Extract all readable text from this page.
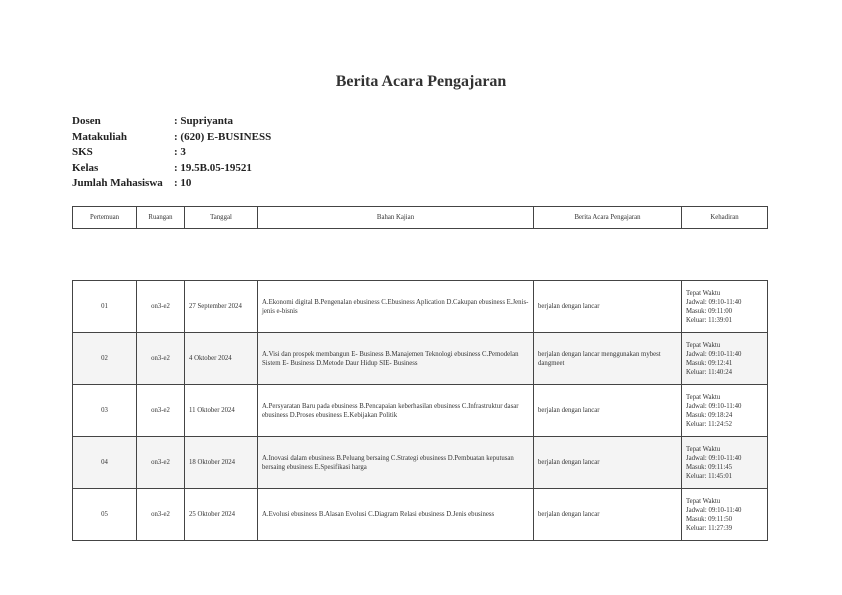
Berita Acara Pengajaran
Dosen	: Supriyanta
Matakuliah	: (620) E-BUSINESS
SKS	: 3
Kelas	: 19.5B.05-19521
Jumlah Mahasiswa	: 10
Pertemuan	Ruangan	Tanggal	Bahan Kajian	Berita Acara Pengajaran	Kehadiran

01	on3-e2	27 September 2024	A.Ekonomi digital B.Pengenalan ebusiness C.Ebusiness Aplication D.Cakupan ebusiness E.Jenis-jenis e-bisnis	berjalan dengan lancar	Tepat Waktu
Jadwal: 09:10-11:40
Masuk: 09:11:00
Keluar: 11:39:01

02	on3-e2	4 Oktober 2024	A.Visi dan prospek membangun E- Business B.Manajemen Teknologi ebusiness C.Pemodelan Sistem E- Business D.Metode Daur Hidup SIE- Business	berjalan dengan lancar menggunakan mybest dangmeet	Tepat Waktu
Jadwal: 09:10-11:40
Masuk: 09:12:41
Keluar: 11:40:24

03	on3-e2	11 Oktober 2024	A.Persyaratan Baru pada ebusiness B.Pencapaian keberhasilan ebusiness C.Infrastruktur dasar ebusiness D.Proses ebusiness E.Kebijakan Politik	berjalan dengan lancar	Tepat Waktu
Jadwal: 09:10-11:40
Masuk: 09:18:24
Keluar: 11:24:52

04	on3-e2	18 Oktober 2024	A.Inovasi dalam ebusiness B.Peluang bersaing C.Strategi ebusiness D.Pembuatan keputusan bersaing ebusiness E.Spesifikasi harga	berjalan dengan lancar	Tepat Waktu
Jadwal: 09:10-11:40
Masuk: 09:11:45
Keluar: 11:45:01

05	on3-e2	25 Oktober 2024	A.Evolusi ebusiness B.Alasan Evolusi C.Diagram Relasi ebusiness D.Jenis ebusiness	berjalan dengan lancar	Tepat Waktu
Jadwal: 09:10-11:40
Masuk: 09:11:50
Keluar: 11:27:39
